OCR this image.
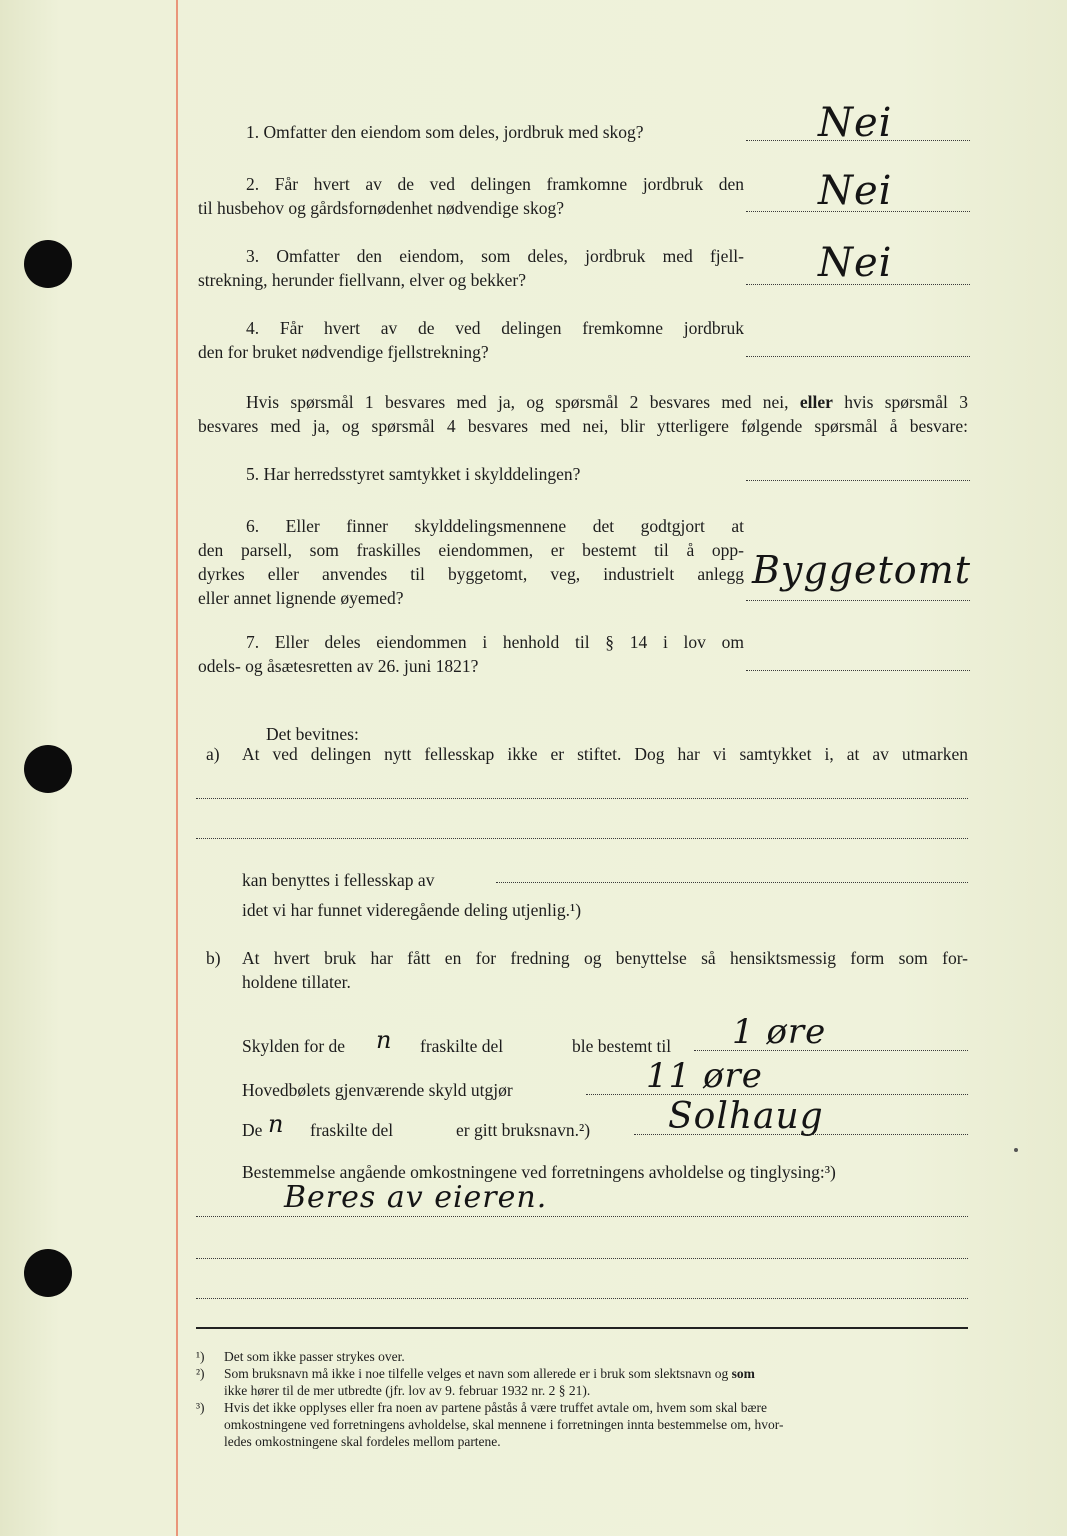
1. Omfatter den eiendom som deles, jordbruk med skog?	Nei
2. Får hvert av de ved delingen framkomne jordbruk den
til husbehov og gårdsfornødenhet nødvendige skog?	Nei
3. Omfatter den eiendom, som deles, jordbruk med fjell-
strekning, herunder fiellvann, elver og bekker?	Nei
4. Får hvert av de ved delingen fremkomne jordbruk
den for bruket nødvendige fjellstrekning?
Hvis spørsmål 1 besvares med ja, og spørsmål 2 besvares med nei, eller hvis spørsmål 3
besvares med ja, og spørsmål 4 besvares med nei, blir ytterligere følgende spørsmål å besvare:
5. Har herredsstyret samtykket i skylddelingen?
6. Eller finner skylddelingsmennene det godtgjort at
den parsell, som fraskilles eiendommen, er bestemt til å opp-
dyrkes eller anvendes til byggetomt, veg, industrielt anlegg
eller annet lignende øyemed?
Byggetomt
7. Eller deles eiendommen i henhold til § 14 i lov om
odels- og åsætesretten av 26. juni 1821?
Det bevitnes:
a) At ved delingen nytt fellesskap ikke er stiftet. Dog har vi samtykket i, at av utmarken
kan benyttes i fellesskap av
idet vi har funnet videregående deling utjenlig.¹)
b) At hvert bruk har fått en for fredning og benyttelse så hensiktsmessig form som for-
holdene tillater.
Skylden for de n fraskilte del	ble bestemt til 1 øre
Hovedbølets gjenværende skyld utgjør	11 øre
De n fraskilte del	er gitt bruksnavn.²) Solhaug
Bestemmelse angående omkostningene ved forretningens avholdelse og tinglysing:³)
Beres av eieren.
¹) Det som ikke passer strykes over.
²) Som bruksnavn må ikke i noe tilfelle velges et navn som allerede er i bruk som slektsnavn og som
ikke hører til de mer utbredte (jfr. lov av 9. februar 1932 nr. 2 § 21).
³) Hvis det ikke opplyses eller fra noen av partene påstås å være truffet avtale om, hvem som skal bære
omkostningene ved forretningens avholdelse, skal mennene i forretningen innta bestemmelse om, hvor-
ledes omkostningene skal fordeles mellom partene.
